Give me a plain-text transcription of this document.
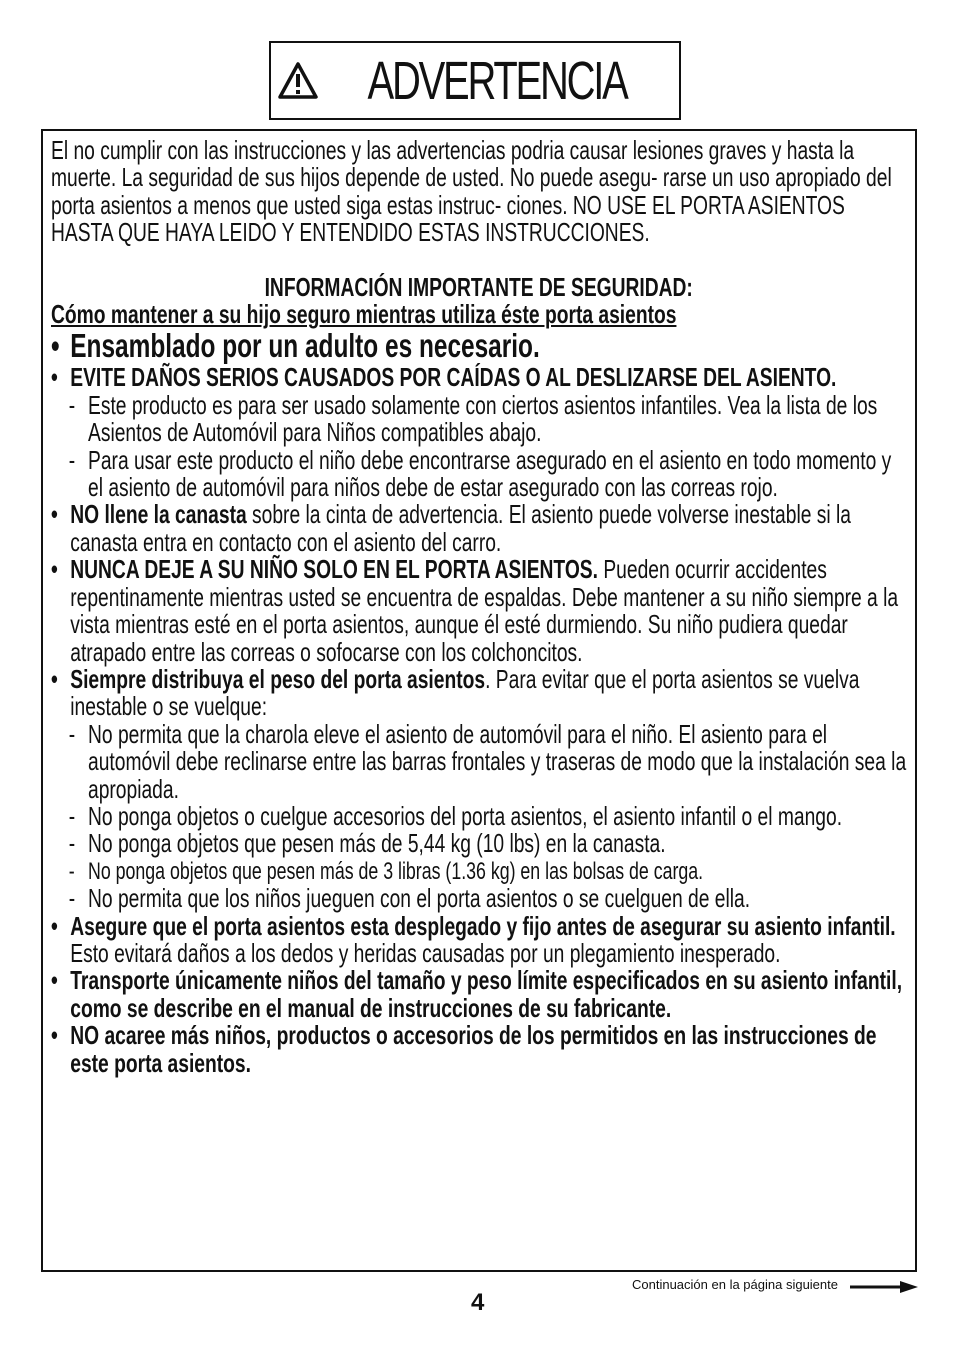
ADVERTENCIA

El no cumplir con las instrucciones y las advertencias podria causar lesiones graves y hasta la muerte. La seguridad de sus hijos depende de usted. No puede asegu- rarse un uso apropiado del porta asientos a menos que usted siga estas instruc- ciones. NO USE EL PORTA ASIENTOS HASTA QUE HAYA LEIDO Y ENTENDIDO ESTAS INSTRUCCIONES.

INFORMACIÓN IMPORTANTE DE SEGURIDAD:
Cómo mantener a su hijo seguro mientras utiliza éste porta asientos
• Ensamblado por un adulto es necesario.
• EVITE DAÑOS SERIOS CAUSADOS POR CAÍDAS O AL DESLIZARSE DEL ASIENTO.
- Este producto es para ser usado solamente con ciertos asientos infantiles. Vea la lista de los Asientos de Automóvil para Niños compatibles abajo.
- Para usar este producto el niño debe encontrarse asegurado en el asiento en todo momento y el asiento de automóvil para niños debe de estar asegurado con las correas rojo.
• NO llene la canasta sobre la cinta de advertencia. El asiento puede volverse inestable si la canasta entra en contacto con el asiento del carro.
• NUNCA DEJE A SU NIÑO SOLO EN EL PORTA ASIENTOS. Pueden ocurrir accidentes repentinamente mientras usted se encuentra de espaldas. Debe mantener a su niño siempre a la vista mientras esté en el porta asientos, aunque él esté durmiendo. Su niño pudiera quedar atrapado entre las correas o sofocarse con los colchoncitos.
• Siempre distribuya el peso del porta asientos. Para evitar que el porta asientos se vuelva inestable o se vuelque:
- No permita que la charola eleve el asiento de automóvil para el niño. El asiento para el automóvil debe reclinarse entre las barras frontales y traseras de modo que la instalación sea la apropiada.
- No ponga objetos o cuelgue accesorios del porta asientos, el asiento infantil o el mango.
- No ponga objetos que pesen más de 5,44 kg (10 lbs) en la canasta.
- No ponga objetos que pesen más de 3 libras (1.36 kg) en las bolsas de carga.
- No permita que los niños jueguen con el porta asientos o se cuelguen de ella.
• Asegure que el porta asientos esta desplegado y fijo antes de asegurar su asiento infantil. Esto evitará daños a los dedos y heridas causadas por un plegamiento inesperado.
• Transporte únicamente niños del tamaño y peso límite especificados en su asiento infantil, como se describe en el manual de instrucciones de su fabricante.
• NO acaree más niños, productos o accesorios de los permitidos en las instrucciones de este porta asientos.
Continuación en la página siguiente
4
